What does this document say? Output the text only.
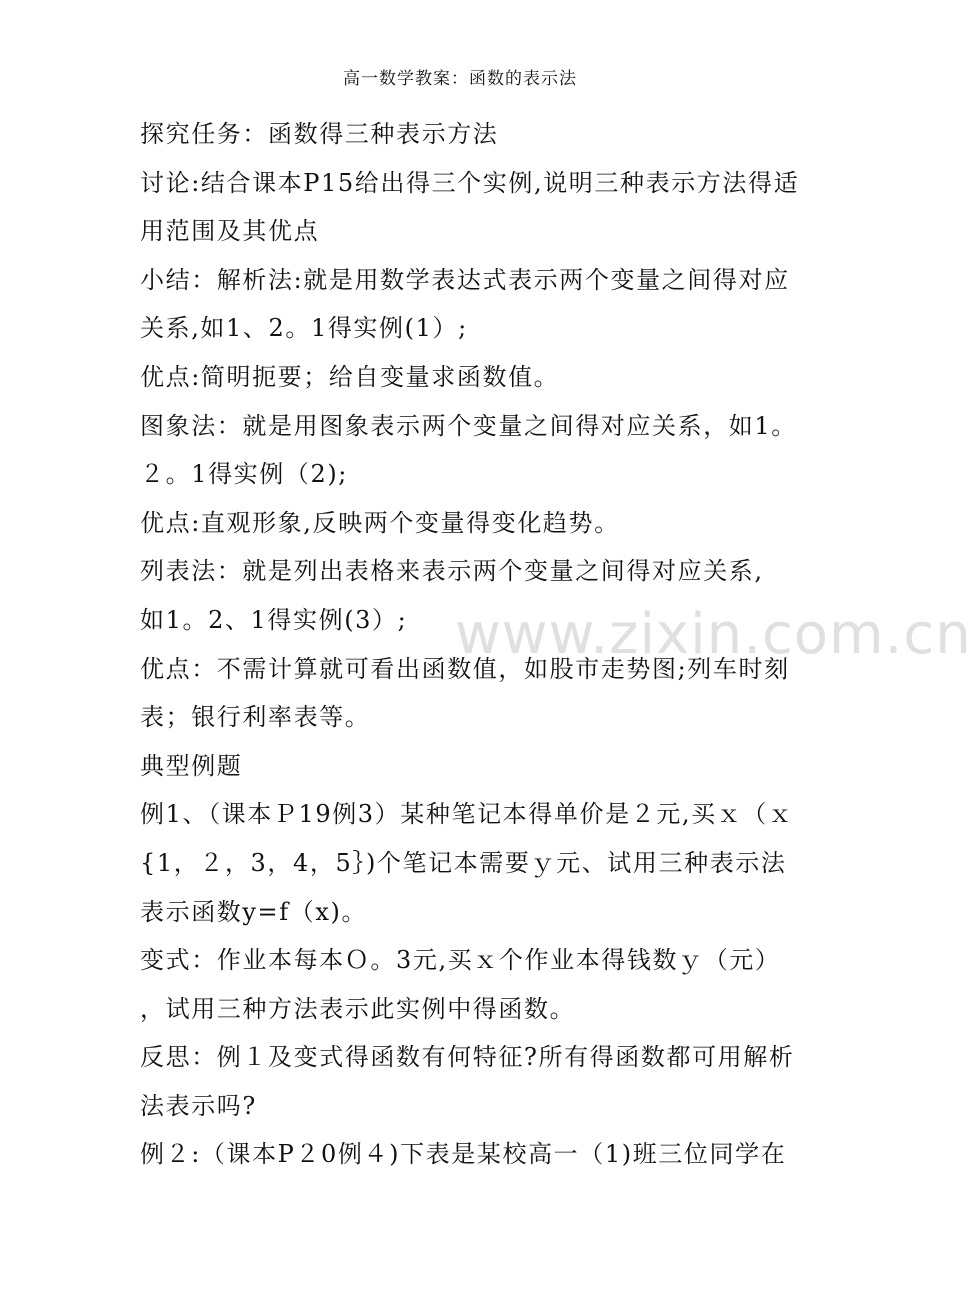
高一数学教案：函数的表示法
www.zixin.com.cn
探究任务：函数得三种表示方法
讨论:结合课本P15给出得三个实例,说明三种表示方法得适
用范围及其优点
小结：解析法:就是用数学表达式表示两个变量之间得对应
关系,如1、2。1得实例(1）;
优点:简明扼要；给自变量求函数值。
图象法：就是用图象表示两个变量之间得对应关系，如1。
２。1得实例（2);
优点:直观形象,反映两个变量得变化趋势。
列表法：就是列出表格来表示两个变量之间得对应关系,
如1。2、1得实例(3）;
优点：不需计算就可看出函数值，如股市走势图;列车时刻
表；银行利率表等。
典型例题
例1、（课本Ｐ19例3）某种笔记本得单价是２元,买ｘ（ｘ
{1，２，3，4，5｝)个笔记本需要ｙ元、试用三种表示法
表示函数y=f（x)。
变式：作业本每本Ｏ。3元,买ｘ个作业本得钱数ｙ（元）
，试用三种方法表示此实例中得函数。
反思：例１及变式得函数有何特征?所有得函数都可用解析
法表示吗?
例２:（课本P２0例４)下表是某校高一（1)班三位同学在
